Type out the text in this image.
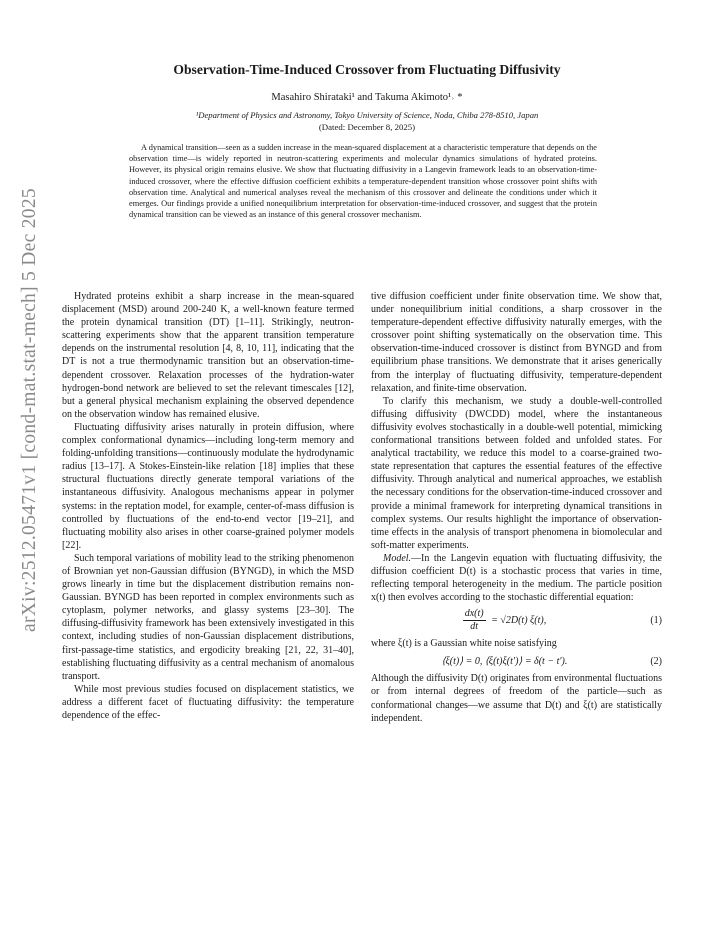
arXiv:2512.05471v1 [cond-mat.stat-mech] 5 Dec 2025
Observation-Time-Induced Crossover from Fluctuating Diffusivity
Masahiro Shirataki¹ and Takuma Akimoto¹˒ *
¹Department of Physics and Astronomy, Tokyo University of Science, Noda, Chiba 278-8510, Japan
(Dated: December 8, 2025)
A dynamical transition—seen as a sudden increase in the mean-squared displacement at a characteristic temperature that depends on the observation time—is widely reported in neutron-scattering experiments and molecular dynamics simulations of hydrated proteins. However, its physical origin remains elusive. We show that fluctuating diffusivity in a Langevin framework leads to an observation-time-induced crossover, where the effective diffusion coefficient exhibits a temperature-dependent transition whose crossover point shifts with observation time. Analytical and numerical analyses reveal the mechanism of this crossover and delineate the conditions under which it emerges. Our findings provide a unified nonequilibrium interpretation for observation-time-induced crossover, and suggest that the protein dynamical transition can be viewed as an instance of this general crossover mechanism.

Hydrated proteins exhibit a sharp increase in the mean-squared displacement (MSD) around 200-240 K, a well-known feature termed the protein dynamical transition (DT) [1–11]. Strikingly, neutron-scattering experiments show that the apparent transition temperature depends on the instrumental resolution [4, 8, 10, 11], indicating that the DT is not a true thermodynamic transition but an observation-time-dependent crossover. Relaxation processes of the hydration-water hydrogen-bond network are believed to set the relevant timescales [12], but a general physical mechanism explaining the observed dependence on the observation window has remained elusive.

Fluctuating diffusivity arises naturally in protein diffusion, where complex conformational dynamics—including long-term memory and folding-unfolding transitions—continuously modulate the hydrodynamic radius [13–17]. A Stokes-Einstein-like relation [18] implies that these structural fluctuations directly generate temporal variations of the instantaneous diffusivity. Analogous mechanisms appear in polymer systems: in the reptation model, for example, center-of-mass diffusion is controlled by fluctuations of the end-to-end vector [19–21], and fluctuating mobility also arises in other coarse-grained polymer models [22].

Such temporal variations of mobility lead to the striking phenomenon of Brownian yet non-Gaussian diffusion (BYNGD), in which the MSD grows linearly in time but the displacement distribution remains non-Gaussian. BYNGD has been reported in complex environments such as cytoplasm, polymer networks, and glassy systems [23–30]. The diffusing-diffusivity framework has been extensively investigated in this context, including studies of non-Gaussian displacement distributions, first-passage-time statistics, and ergodicity breaking [21, 22, 31–40], establishing fluctuating diffusivity as a central mechanism of anomalous transport.

While most previous studies focused on displacement statistics, we address a different facet of fluctuating diffusivity: the temperature dependence of the effec-

tive diffusion coefficient under finite observation time. We show that, under nonequilibrium initial conditions, a sharp crossover in the temperature-dependent effective diffusivity naturally emerges, with the crossover point shifting systematically on the observation time. This observation-time-induced crossover is distinct from BYNGD and from equilibrium phase transitions. We demonstrate that it arises generically from the interplay of fluctuating diffusivity, temperature-dependent relaxation, and finite-time observation.

To clarify this mechanism, we study a double-well-controlled diffusing diffusivity (DWCDD) model, where the instantaneous diffusivity evolves stochastically in a double-well potential, mimicking conformational transitions between folded and unfolded states. For analytical tractability, we reduce this model to a coarse-grained two-state representation that captures the essential features of the effective diffusivity. Through analytical and numerical approaches, we establish the necessary conditions for the observation-time-induced crossover and provide a minimal framework for interpreting dynamical transitions in complex systems. Our results highlight the importance of observation-time effects in the analysis of transport phenomena in biomolecular and soft-matter experiments.

Model.—In the Langevin equation with fluctuating diffusivity, the diffusion coefficient D(t) is a stochastic process that varies in time, reflecting temporal heterogeneity in the medium. The particle position x(t) then evolves according to the stochastic differential equation:

$\frac{dx(t)}{dt} = √2D(t)$ ξ(t),	(1)

where ξ(t) is a Gaussian white noise satisfying

⟨ξ(t)⟩ = 0, ⟨ξ(t)ξ(t′)⟩ = δ(t − t′).	(2)

Although the diffusivity D(t) originates from environmental fluctuations or from internal degrees of freedom of the particle—such as conformational changes—we assume that D(t) and ξ(t) are statistically independent.
